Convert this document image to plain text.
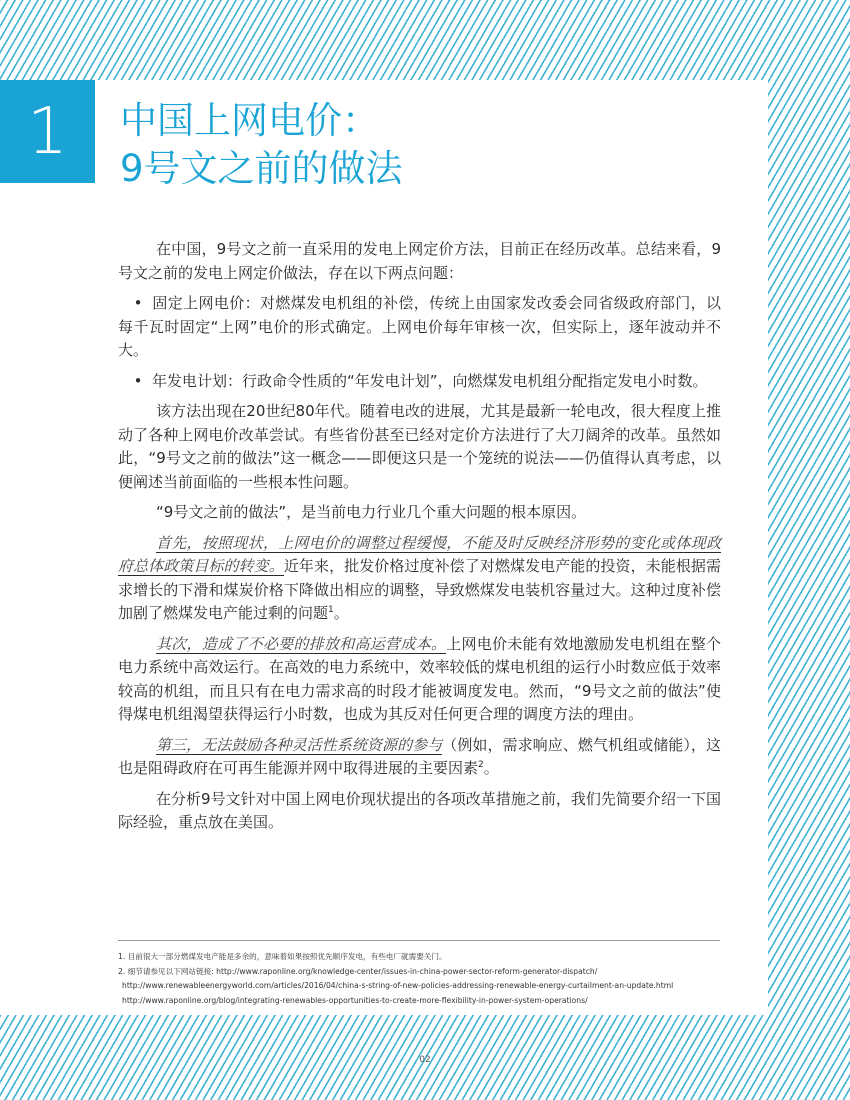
1 中国上网电价：
9号文之前的做法

在中国，9号文之前一直采用的发电上网定价方法，目前正在经历改革。总结来看，9号文之前的发电上网定价做法，存在以下两点问题：

• 固定上网电价：对燃煤发电机组的补偿，传统上由国家发改委会同省级政府部门，以每千瓦时固定“上网”电价的形式确定。上网电价每年审核一次，但实际上，逐年波动并不大。

• 年发电计划：行政命令性质的“年发电计划”，向燃煤发电机组分配指定发电小时数。

该方法出现在20世纪80年代。随着电改的进展，尤其是最新一轮电改，很大程度上推动了各种上网电价改革尝试。有些省份甚至已经对定价方法进行了大刀阔斧的改革。虽然如此，“9号文之前的做法”这一概念——即便这只是一个笼统的说法——仍值得认真考虑，以便阐述当前面临的一些根本性问题。

“9号文之前的做法”，是当前电力行业几个重大问题的根本原因。

首先，按照现状，上网电价的调整过程缓慢，不能及时反映经济形势的变化或体现政府总体政策目标的转变。近年来，批发价格过度补偿了对燃煤发电产能的投资，未能根据需求增长的下滑和煤炭价格下降做出相应的调整，导致燃煤发电装机容量过大。这种过度补偿加剧了燃煤发电产能过剩的问题$^1$。

其次，造成了不必要的排放和高运营成本。上网电价未能有效地激励发电机组在整个电力系统中高效运行。在高效的电力系统中，效率较低的煤电机组的运行小时数应低于效率较高的机组，而且只有在电力需求高的时段才能被调度发电。然而，“9号文之前的做法”使得煤电机组渴望获得运行小时数，也成为其反对任何更合理的调度方法的理由。

第三，无法鼓励各种灵活性系统资源的参与（例如，需求响应、燃气机组或储能），这也是阻碍政府在可再生能源并网中取得进展的主要因素$^2$。

在分析9号文针对中国上网电价现状提出的各项改革措施之前，我们先简要介绍一下国际经验，重点放在美国。

1. 目前很大一部分燃煤发电产能是多余的，意味着如果按照优先顺序发电，有些电厂就需要关门。
2. 细节请参见以下网站链接: http://www.raponline.org/knowledge-center/issues-in-china-power-sector-reform-generator-dispatch/
http://www.renewableenergyworld.com/articles/2016/04/china-s-string-of-new-policies-addressing-renewable-energy-curtailment-an-update.html
http://www.raponline.org/blog/integrating-renewables-opportunities-to-create-more-flexibility-in-power-system-operations/
02
